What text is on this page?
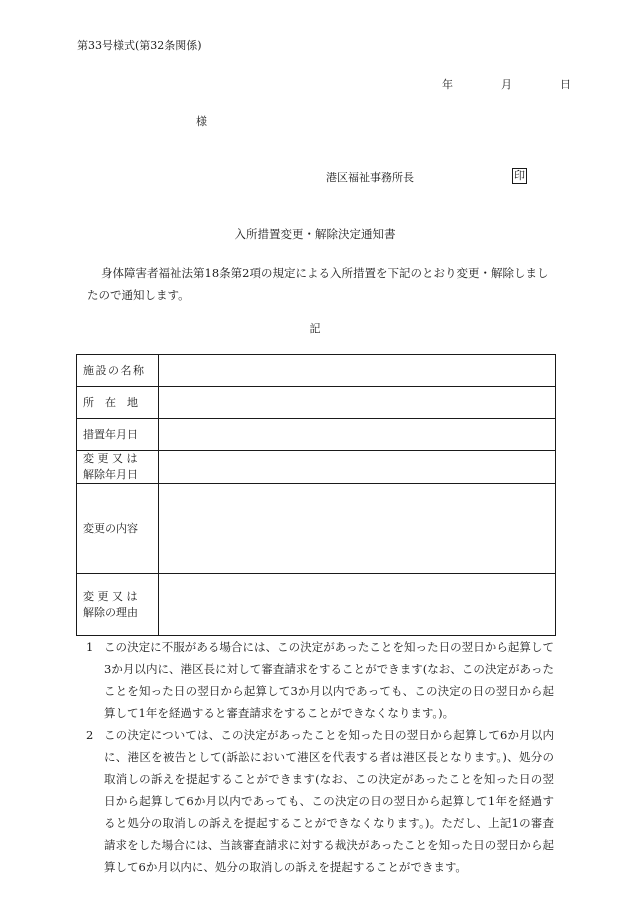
第33号様式(第32条関係)
年	月	日
様
港区福祉事務所長	印
入所措置変更・解除決定通知書
身体障害者福祉法第18条第2項の規定による入所措置を下記のとおり変更・解除しましたので通知します。
記
施設の名称	
所　在　地	
措置年月日	

変 更 又 は
解除年月日	

変更の内容	

変 更 又 は
解除の理由	

1 この決定に不服がある場合には、この決定があったことを知った日の翌日から起算して3か月以内に、港区長に対して審査請求をすることができます(なお、この決定があったことを知った日の翌日から起算して3か月以内であっても、この決定の日の翌日から起算して1年を経過すると審査請求をすることができなくなります。)。
2 この決定については、この決定があったことを知った日の翌日から起算して6か月以内に、港区を被告として(訴訟において港区を代表する者は港区長となります。)、処分の取消しの訴えを提起することができます(なお、この決定があったことを知った日の翌日から起算して6か月以内であっても、この決定の日の翌日から起算して1年を経過すると処分の取消しの訴えを提起することができなくなります。)。ただし、上記1の審査請求をした場合には、当該審査請求に対する裁決があったことを知った日の翌日から起算して6か月以内に、処分の取消しの訴えを提起することができます。
